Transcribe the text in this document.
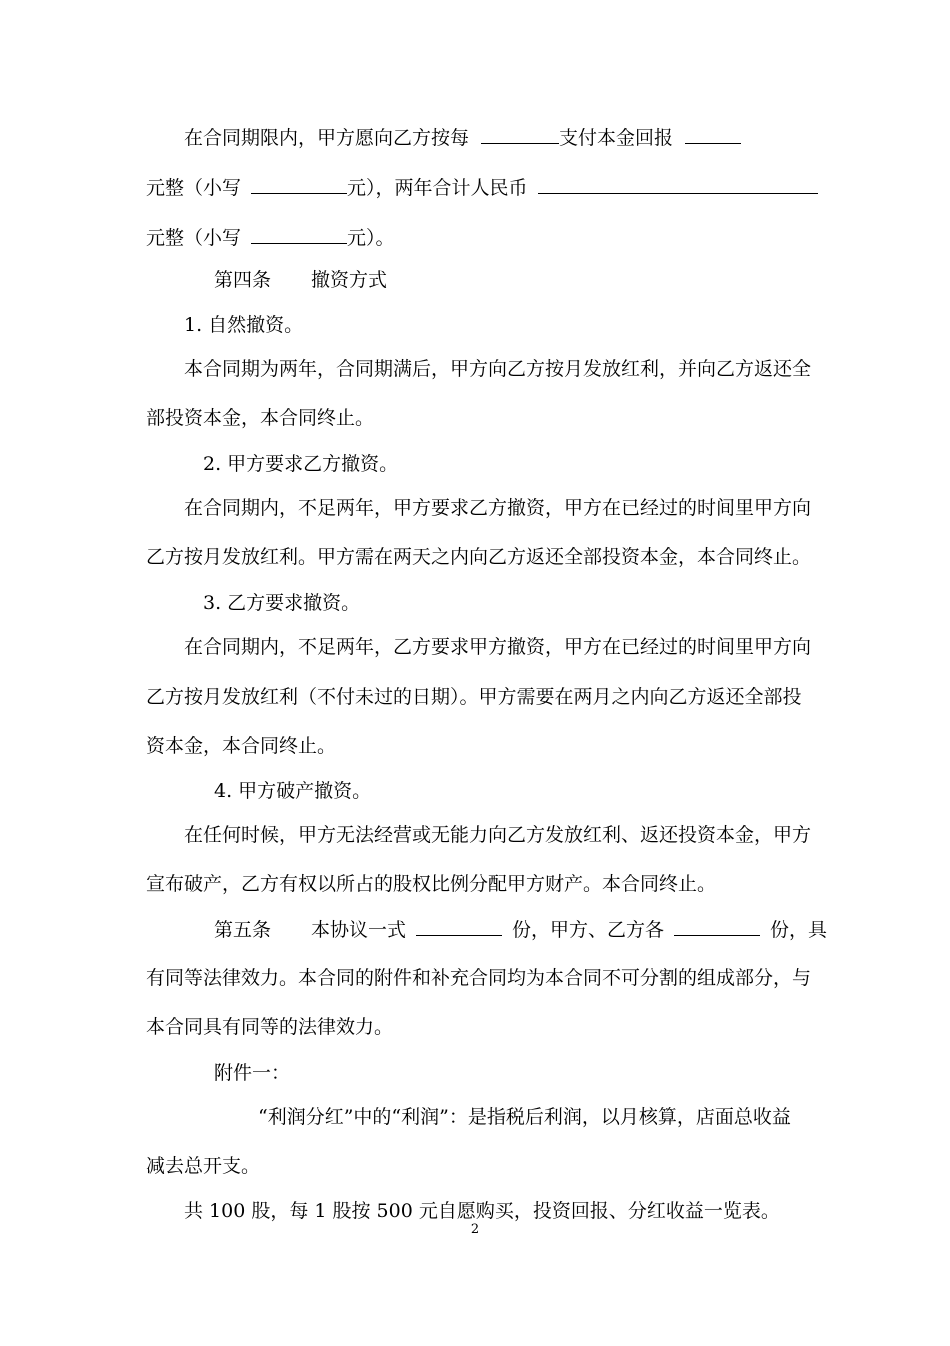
在合同期限内，甲方愿向乙方按每	支付本金回报
元整（小写	元），两年合计人民币
元整（小写	元）。
第四条 撤资方式
1. 自然撤资。
本合同期为两年，合同期满后，甲方向乙方按月发放红利，并向乙方返还全
部投资本金，本合同终止。
2. 甲方要求乙方撤资。
在合同期内，不足两年，甲方要求乙方撤资，甲方在已经过的时间里甲方向
乙方按月发放红利。甲方需在两天之内向乙方返还全部投资本金，本合同终止。
3. 乙方要求撤资。
在合同期内，不足两年，乙方要求甲方撤资，甲方在已经过的时间里甲方向
乙方按月发放红利（不付未过的日期）。甲方需要在两月之内向乙方返还全部投
资本金，本合同终止。
4. 甲方破产撤资。
在任何时候，甲方无法经营或无能力向乙方发放红利、返还投资本金，甲方
宣布破产，乙方有权以所占的股权比例分配甲方财产。本合同终止。
第五条 本协议一式	份，甲方、乙方各	份，具
有同等法律效力。本合同的附件和补充合同均为本合同不可分割的组成部分，与
本合同具有同等的法律效力。
附件一：
“利润分红”中的“利润”：是指税后利润，以月核算，店面总收益
减去总开支。
共 100 股，每 1 股按 500 元自愿购买，投资回报、分红收益一览表。
2
